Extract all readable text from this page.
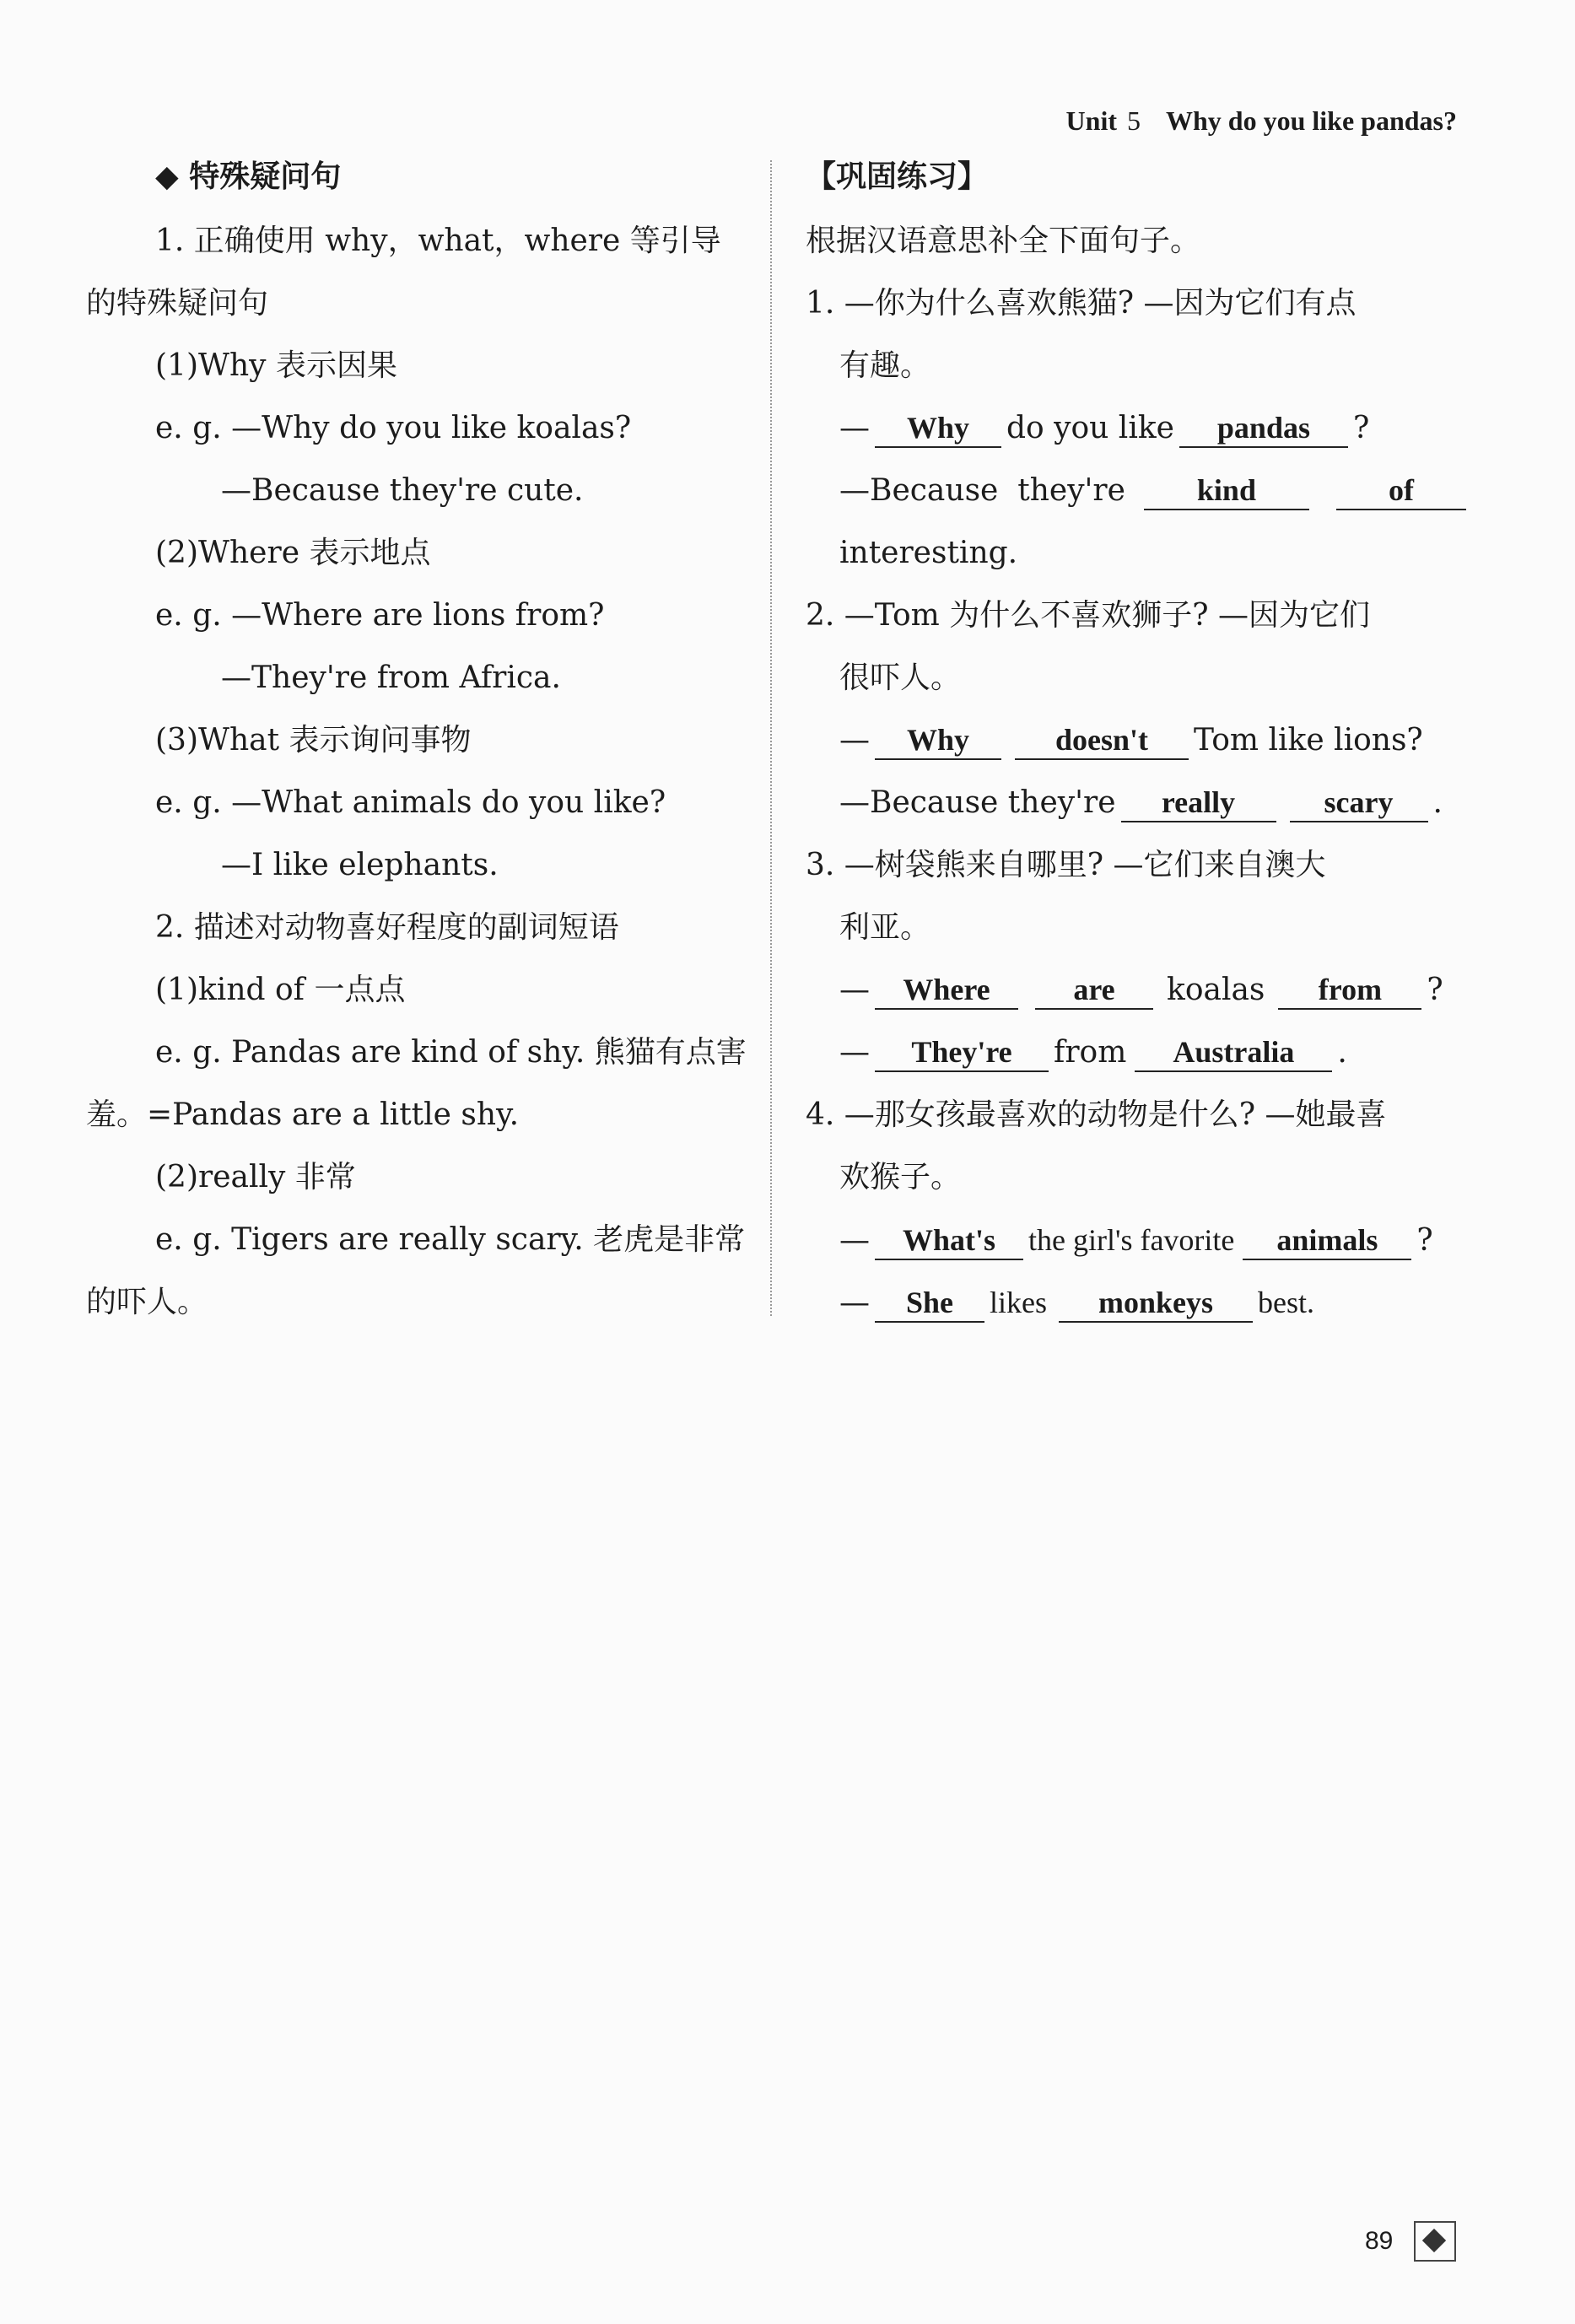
Unit 5 Why do you like pandas?
◆ 特殊疑问句
1. 正确使用 why，what，where 等引导
的特殊疑问句
(1)Why 表示因果
e. g. —Why do you like koalas?
—Because they're cute.
(2)Where 表示地点
e. g. —Where are lions from?
—They're from Africa.
(3)What 表示询问事物
e. g. —What animals do you like?
—I like elephants.
2. 描述对动物喜好程度的副词短语
(1)kind of 一点点
e. g. Pandas are kind of shy. 熊猫有点害
羞。=Pandas are a little shy.
(2)really 非常
e. g. Tigers are really scary. 老虎是非常
的吓人。
【巩固练习】
根据汉语意思补全下面句子。
1. —你为什么喜欢熊猫? —因为它们有点
有趣。
— Why do you like pandas ?
—Because  they're kind	of
interesting.
2. —Tom 为什么不喜欢狮子? —因为它们
很吓人。
— Why	doesn't Tom like lions?
—Because they're really	scary .
3. —树袋熊来自哪里? —它们来自澳大
利亚。
— Where	are koalas from ?
— They're from Australia .
4. —那女孩最喜欢的动物是什么? —她最喜
欢猴子。
— What's the girl's favorite animals ?
— She likes monkeys best.
89
